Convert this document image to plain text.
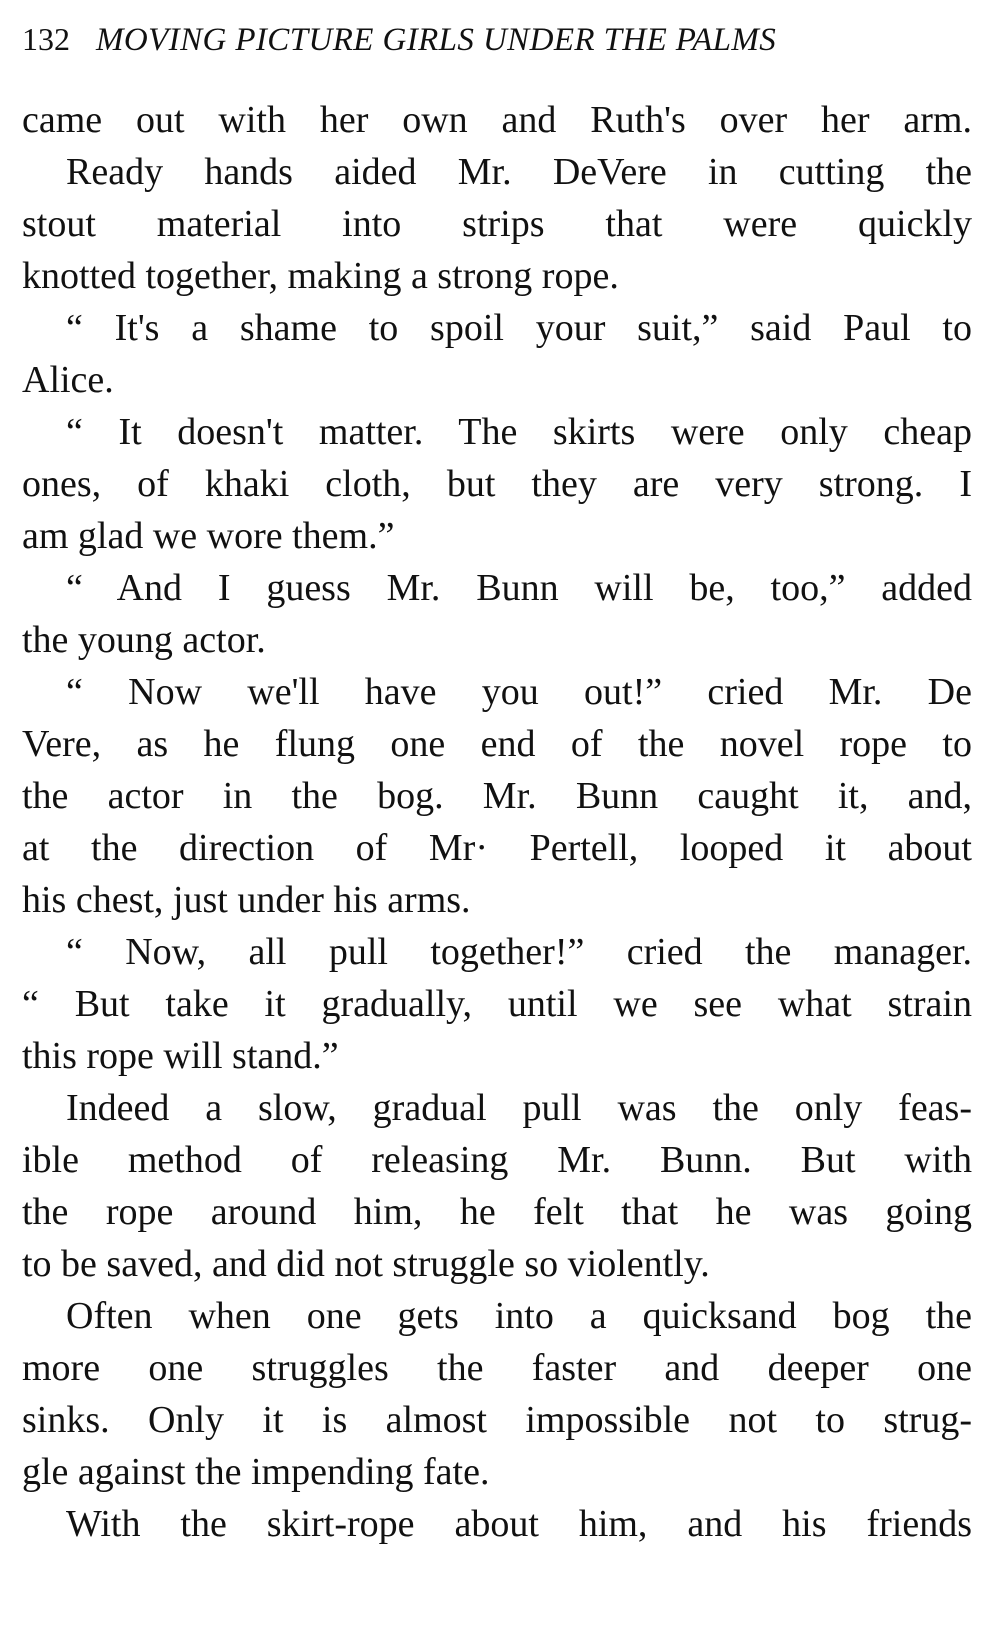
132 MOVING PICTURE GIRLS UNDER THE PALMS
came out with her own and Ruth's over her arm.
Ready hands aided Mr. DeVere in cutting the
stout material into strips that were quickly
knotted together, making a strong rope.
“ It's a shame to spoil your suit,” said Paul to
Alice.
“ It doesn't matter. The skirts were only cheap
ones, of khaki cloth, but they are very strong. I
am glad we wore them.”
“ And I guess Mr. Bunn will be, too,” added
the young actor.
“ Now we'll have you out!” cried Mr. De
Vere, as he flung one end of the novel rope to
the actor in the bog. Mr. Bunn caught it, and,
at the direction of Mr· Pertell, looped it about
his chest, just under his arms.
“ Now, all pull together!” cried the manager.
“ But take it gradually, until we see what strain
this rope will stand.”
Indeed a slow, gradual pull was the only feas-
ible method of releasing Mr. Bunn. But with
the rope around him, he felt that he was going
to be saved, and did not struggle so violently.
Often when one gets into a quicksand bog the
more one struggles the faster and deeper one
sinks. Only it is almost impossible not to strug-
gle against the impending fate.
With the skirt-rope about him, and his friends
